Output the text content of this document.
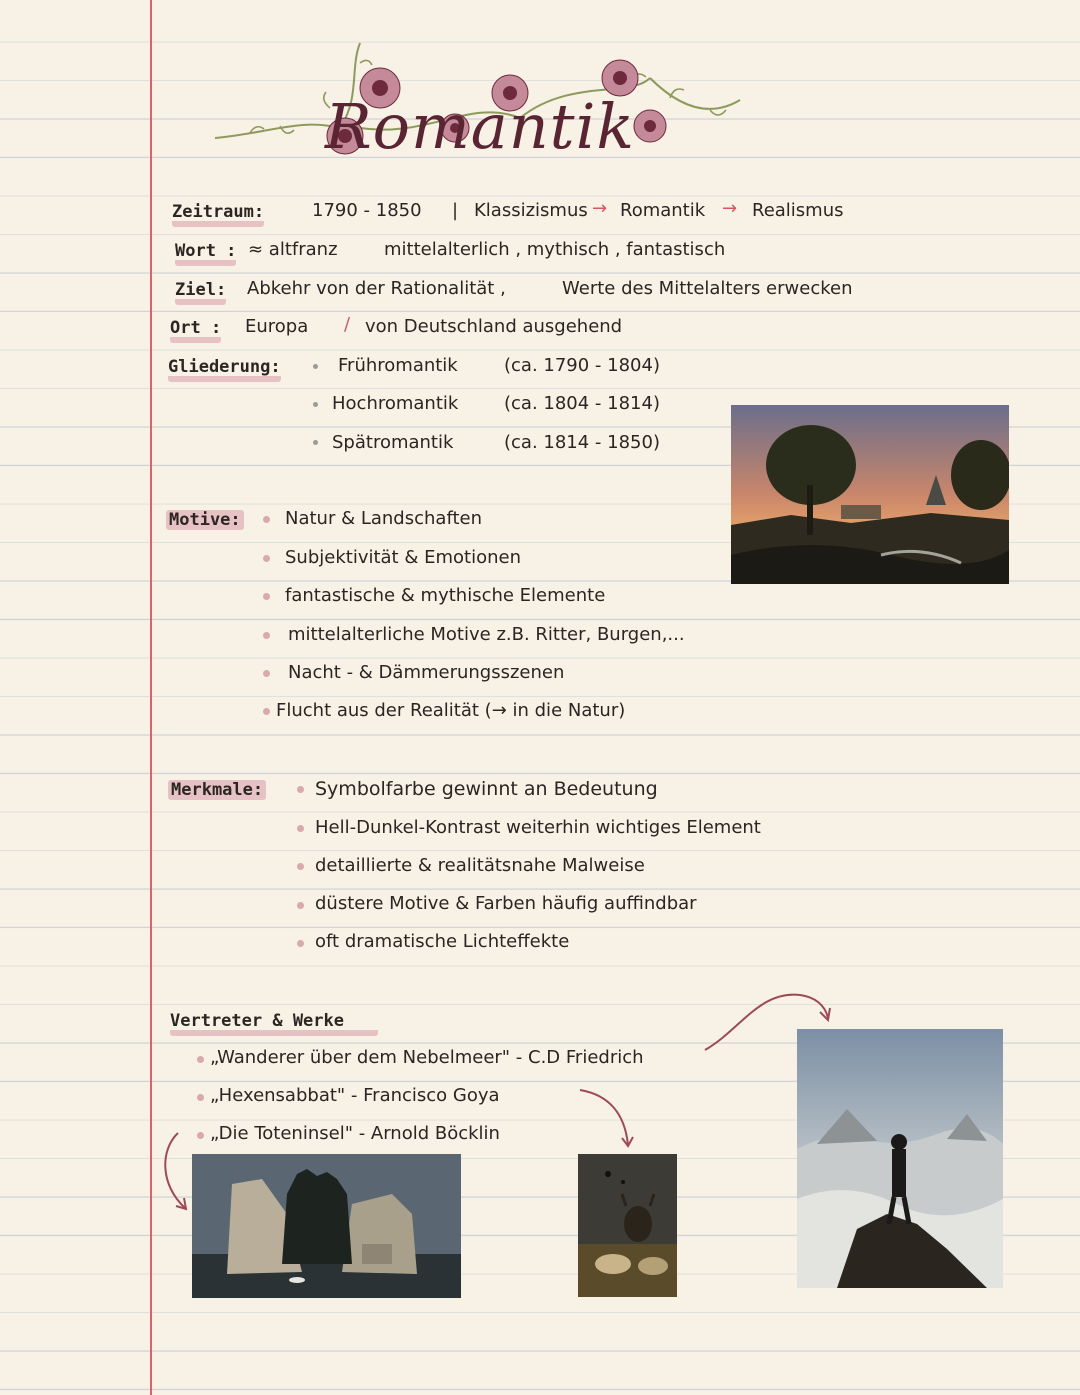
Romantik
Zeitraum:	1790 - 1850 | Klassizismus → Romantik → Realismus
Wort : ≈ altfranz	mittelalterlich , mythisch , fantastisch
Ziel: Abkehr von der Rationalität ,	Werte des Mittelalters erwecken
Ort : Europa / von Deutschland ausgehend
Gliederung:	Frühromantik	(ca. 1790 - 1804)
Hochromantik	(ca. 1804 - 1814)
Spätromantik	(ca. 1814 - 1850)
Motive: Natur & Landschaften
Subjektivität & Emotionen
fantastische & mythische Elemente
mittelalterliche Motive z.B. Ritter, Burgen,...
Nacht - & Dämmerungsszenen
Flucht aus der Realität (→ in die Natur)
Merkmale:	Symbolfarbe gewinnt an Bedeutung
Hell-Dunkel-Kontrast weiterhin wichtiges Element
detaillierte & realitätsnahe Malweise
düstere Motive & Farben häufig auffindbar
oft dramatische Lichteffekte
Vertreter & Werke
„Wanderer über dem Nebelmeer" - C.D Friedrich
„Hexensabbat" - Francisco Goya
„Die Toteninsel" - Arnold Böcklin
